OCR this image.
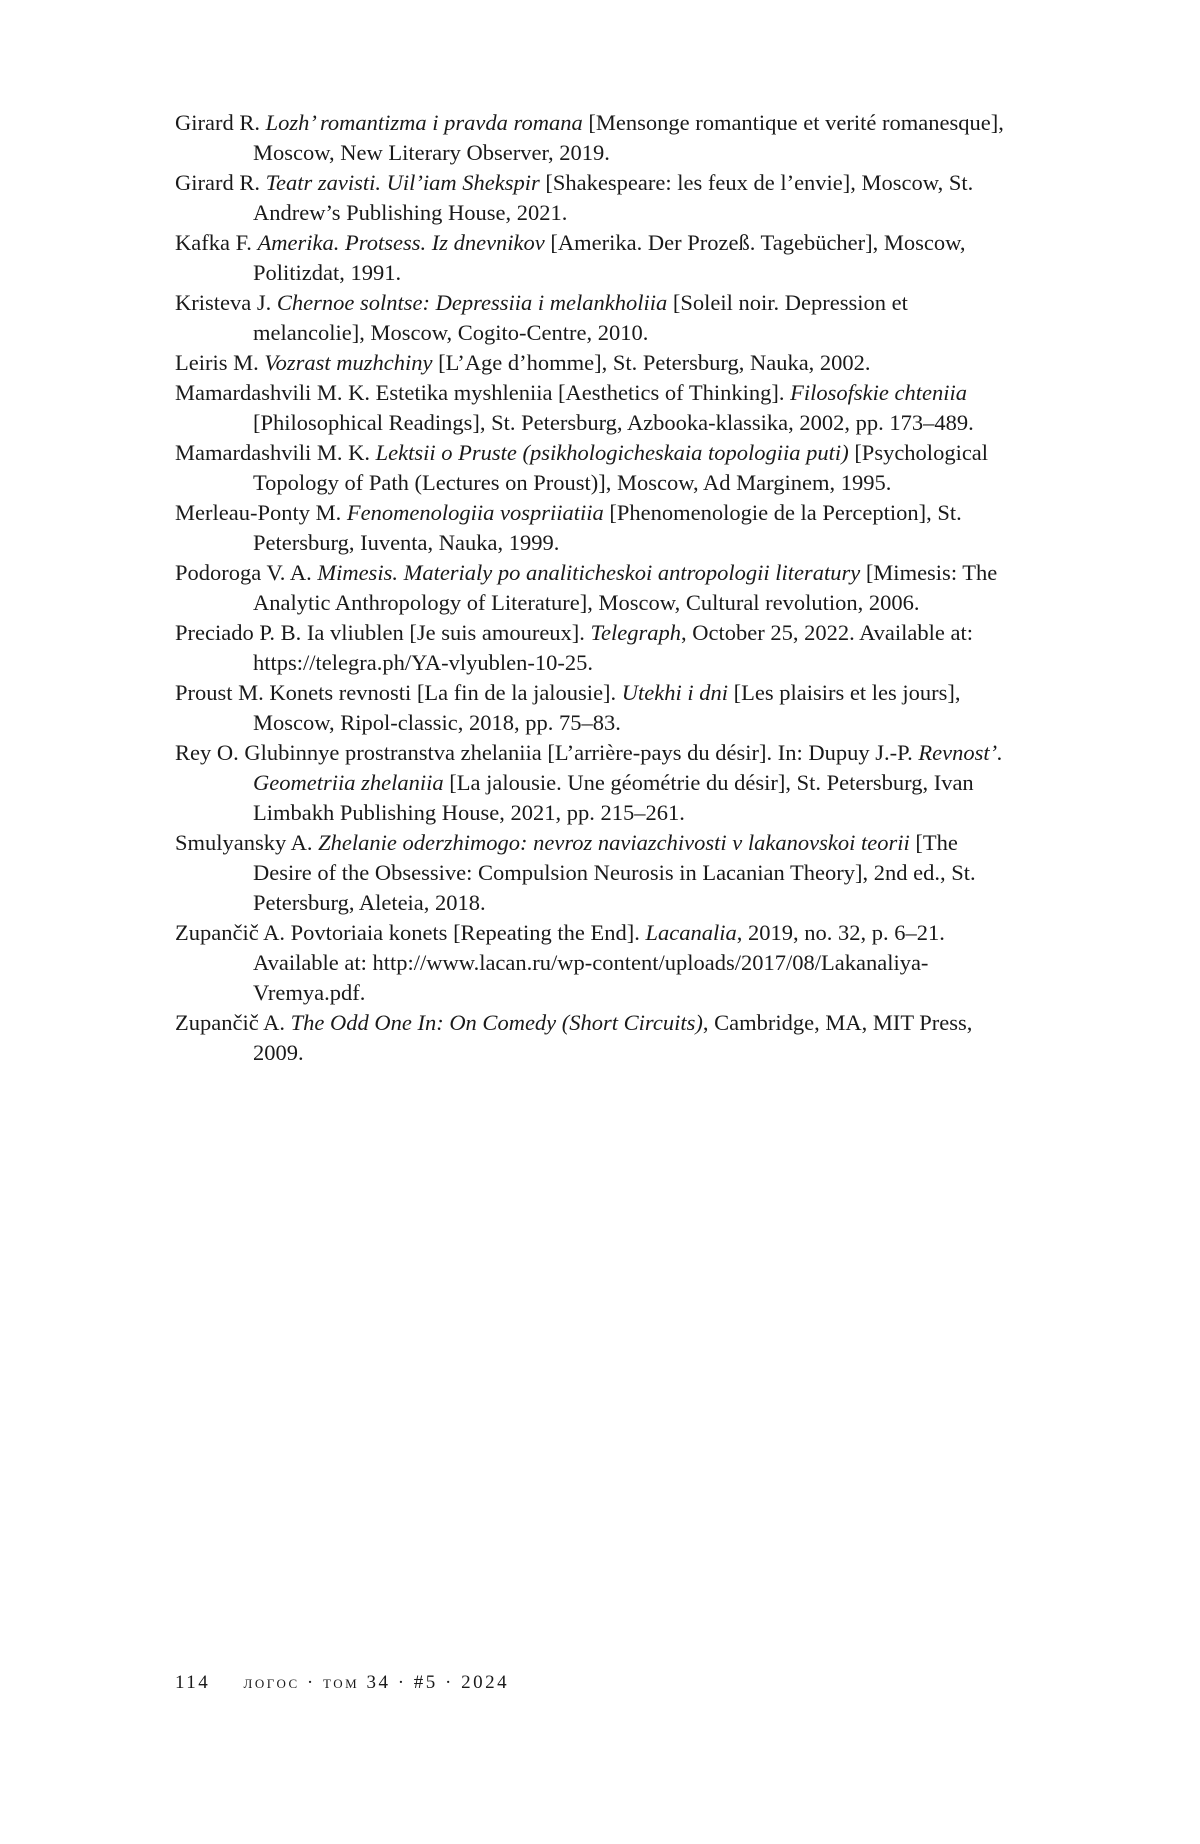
Girard R. Lozh’ romantizma i pravda romana [Mensonge romantique et verité romanesque], Moscow, New Literary Observer, 2019.
Girard R. Teatr zavisti. Uil’iam Shekspir [Shakespeare: les feux de l’envie], Moscow, St. Andrew’s Publishing House, 2021.
Kafka F. Amerika. Protsess. Iz dnevnikov [Amerika. Der Prozeß. Tagebücher], Moscow, Politizdat, 1991.
Kristeva J. Chernoe solntse: Depressiia i melankholiia [Soleil noir. Depression et melancolie], Moscow, Cogito-Centre, 2010.
Leiris M. Vozrast muzhchiny [L’Age d’homme], St. Petersburg, Nauka, 2002.
Mamardashvili M. K. Estetika myshleniia [Aesthetics of Thinking]. Filosofskie chteniia [Philosophical Readings], St. Petersburg, Azbooka-klassika, 2002, pp. 173–489.
Mamardashvili M. K. Lektsii o Pruste (psikhologicheskaia topologiia puti) [Psychological Topology of Path (Lectures on Proust)], Moscow, Ad Marginem, 1995.
Merleau-Ponty M. Fenomenologiia vospriiatiia [Phenomenologie de la Perception], St. Petersburg, Iuventa, Nauka, 1999.
Podoroga V. A. Mimesis. Materialy po analiticheskoi antropologii literatury [Mimesis: The Analytic Anthropology of Literature], Moscow, Cultural revolution, 2006.
Preciado P. B. Ia vliublen [Je suis amoureux]. Telegraph, October 25, 2022. Available at: https://telegra.ph/YA-vlyublen-10-25.
Proust M. Konets revnosti [La fin de la jalousie]. Utekhi i dni [Les plaisirs et les jours], Moscow, Ripol-classic, 2018, pp. 75–83.
Rey O. Glubinnye prostranstva zhelaniia [L’arrière-pays du désir]. In: Dupuy J.-P. Revnost’. Geometriia zhelaniia [La jalousie. Une géométrie du désir], St. Petersburg, Ivan Limbakh Publishing House, 2021, pp. 215–261.
Smulyansky A. Zhelanie oderzhimogo: nevroz naviazchivosti v lakanovskoi teorii [The Desire of the Obsessive: Compulsion Neurosis in Lacanian Theory], 2nd ed., St. Petersburg, Aleteia, 2018.
Zupančič A. Povtoriaia konets [Repeating the End]. Lacanalia, 2019, no. 32, p. 6–21. Available at: http://www.lacan.ru/wp-content/uploads/2017/08/Lakanaliya-Vremya.pdf.
Zupančič A. The Odd One In: On Comedy (Short Circuits), Cambridge, MA, MIT Press, 2009.
114 логос · том 34 · #5 · 2024
